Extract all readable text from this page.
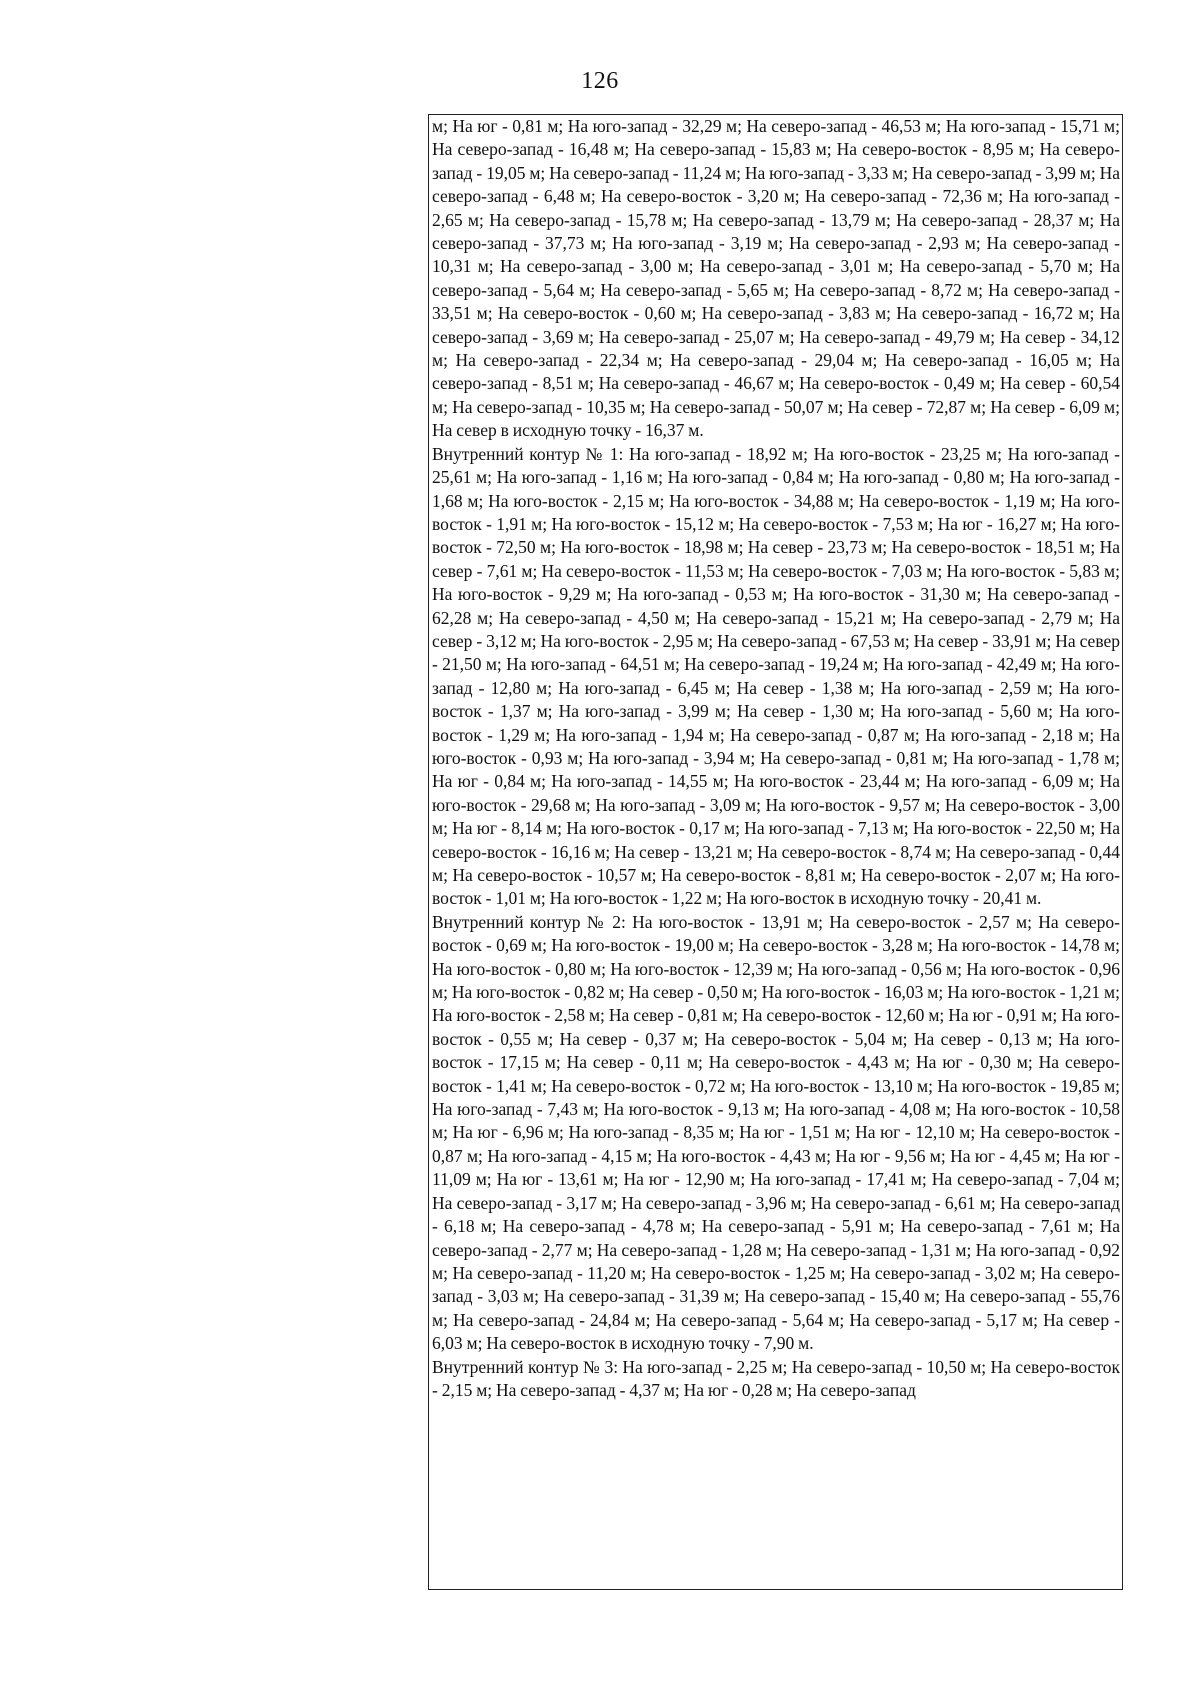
126

м; На юг - 0,81 м; На юго-запад - 32,29 м; На северо-запад - 46,53 м; На юго-запад - 15,71 м; На северо-запад - 16,48 м; На северо-запад - 15,83 м; На северо-восток - 8,95 м; На северо-запад - 19,05 м; На северо-запад - 11,24 м; На юго-запад - 3,33 м; На северо-запад - 3,99 м; На северо-запад - 6,48 м; На северо-восток - 3,20 м; На северо-запад - 72,36 м; На юго-запад - 2,65 м; На северо-запад - 15,78 м; На северо-запад - 13,79 м; На северо-запад - 28,37 м; На северо-запад - 37,73 м; На юго-запад - 3,19 м; На северо-запад - 2,93 м; На северо-запад - 10,31 м; На северо-запад - 3,00 м; На северо-запад - 3,01 м; На северо-запад - 5,70 м; На северо-запад - 5,64 м; На северо-запад - 5,65 м; На северо-запад - 8,72 м; На северо-запад - 33,51 м; На северо-восток - 0,60 м; На северо-запад - 3,83 м; На северо-запад - 16,72 м; На северо-запад - 3,69 м; На северо-запад - 25,07 м; На северо-запад - 49,79 м; На север - 34,12 м; На северо-запад - 22,34 м; На северо-запад - 29,04 м; На северо-запад - 16,05 м; На северо-запад - 8,51 м; На северо-запад - 46,67 м; На северо-восток - 0,49 м; На север - 60,54 м; На северо-запад - 10,35 м; На северо-запад - 50,07 м; На север - 72,87 м; На север - 6,09 м; На север в исходную точку - 16,37 м.

Внутренний контур № 1: На юго-запад - 18,92 м; На юго-восток - 23,25 м; На юго-запад - 25,61 м; На юго-запад - 1,16 м; На юго-запад - 0,84 м; На юго-запад - 0,80 м; На юго-запад - 1,68 м; На юго-восток - 2,15 м; На юго-восток - 34,88 м; На северо-восток - 1,19 м; На юго-восток - 1,91 м; На юго-восток - 15,12 м; На северо-восток - 7,53 м; На юг - 16,27 м; На юго-восток - 72,50 м; На юго-восток - 18,98 м; На север - 23,73 м; На северо-восток - 18,51 м; На север - 7,61 м; На северо-восток - 11,53 м; На северо-восток - 7,03 м; На юго-восток - 5,83 м; На юго-восток - 9,29 м; На юго-запад - 0,53 м; На юго-восток - 31,30 м; На северо-запад - 62,28 м; На северо-запад - 4,50 м; На северо-запад - 15,21 м; На северо-запад - 2,79 м; На север - 3,12 м; На юго-восток - 2,95 м; На северо-запад - 67,53 м; На север - 33,91 м; На север - 21,50 м; На юго-запад - 64,51 м; На северо-запад - 19,24 м; На юго-запад - 42,49 м; На юго-запад - 12,80 м; На юго-запад - 6,45 м; На север - 1,38 м; На юго-запад - 2,59 м; На юго-восток - 1,37 м; На юго-запад - 3,99 м; На север - 1,30 м; На юго-запад - 5,60 м; На юго-восток - 1,29 м; На юго-запад - 1,94 м; На северо-запад - 0,87 м; На юго-запад - 2,18 м; На юго-восток - 0,93 м; На юго-запад - 3,94 м; На северо-запад - 0,81 м; На юго-запад - 1,78 м; На юг - 0,84 м; На юго-запад - 14,55 м; На юго-восток - 23,44 м; На юго-запад - 6,09 м; На юго-восток - 29,68 м; На юго-запад - 3,09 м; На юго-восток - 9,57 м; На северо-восток - 3,00 м; На юг - 8,14 м; На юго-восток - 0,17 м; На юго-запад - 7,13 м; На юго-восток - 22,50 м; На северо-восток - 16,16 м; На север - 13,21 м; На северо-восток - 8,74 м; На северо-запад - 0,44 м; На северо-восток - 10,57 м; На северо-восток - 8,81 м; На северо-восток - 2,07 м; На юго-восток - 1,01 м; На юго-восток - 1,22 м; На юго-восток в исходную точку - 20,41 м.

Внутренний контур № 2: На юго-восток - 13,91 м; На северо-восток - 2,57 м; На северо-восток - 0,69 м; На юго-восток - 19,00 м; На северо-восток - 3,28 м; На юго-восток - 14,78 м; На юго-восток - 0,80 м; На юго-восток - 12,39 м; На юго-запад - 0,56 м; На юго-восток - 0,96 м; На юго-восток - 0,82 м; На север - 0,50 м; На юго-восток - 16,03 м; На юго-восток - 1,21 м; На юго-восток - 2,58 м; На север - 0,81 м; На северо-восток - 12,60 м; На юг - 0,91 м; На юго-восток - 0,55 м; На север - 0,37 м; На северо-восток - 5,04 м; На север - 0,13 м; На юго-восток - 17,15 м; На север - 0,11 м; На северо-восток - 4,43 м; На юг - 0,30 м; На северо-восток - 1,41 м; На северо-восток - 0,72 м; На юго-восток - 13,10 м; На юго-восток - 19,85 м; На юго-запад - 7,43 м; На юго-восток - 9,13 м; На юго-запад - 4,08 м; На юго-восток - 10,58 м; На юг - 6,96 м; На юго-запад - 8,35 м; На юг - 1,51 м; На юг - 12,10 м; На северо-восток - 0,87 м; На юго-запад - 4,15 м; На юго-восток - 4,43 м; На юг - 9,56 м; На юг - 4,45 м; На юг - 11,09 м; На юг - 13,61 м; На юг - 12,90 м; На юго-запад - 17,41 м; На северо-запад - 7,04 м; На северо-запад - 3,17 м; На северо-запад - 3,96 м; На северо-запад - 6,61 м; На северо-запад - 6,18 м; На северо-запад - 4,78 м; На северо-запад - 5,91 м; На северо-запад - 7,61 м; На северо-запад - 2,77 м; На северо-запад - 1,28 м; На северо-запад - 1,31 м; На юго-запад - 0,92 м; На северо-запад - 11,20 м; На северо-восток - 1,25 м; На северо-запад - 3,02 м; На северо-запад - 3,03 м; На северо-запад - 31,39 м; На северо-запад - 15,40 м; На северо-запад - 55,76 м; На северо-запад - 24,84 м; На северо-запад - 5,64 м; На северо-запад - 5,17 м; На север - 6,03 м; На северо-восток в исходную точку - 7,90 м.

Внутренний контур № 3: На юго-запад - 2,25 м; На северо-запад - 10,50 м; На северо-восток - 2,15 м; На северо-запад - 4,37 м; На юг - 0,28 м; На северо-запад
